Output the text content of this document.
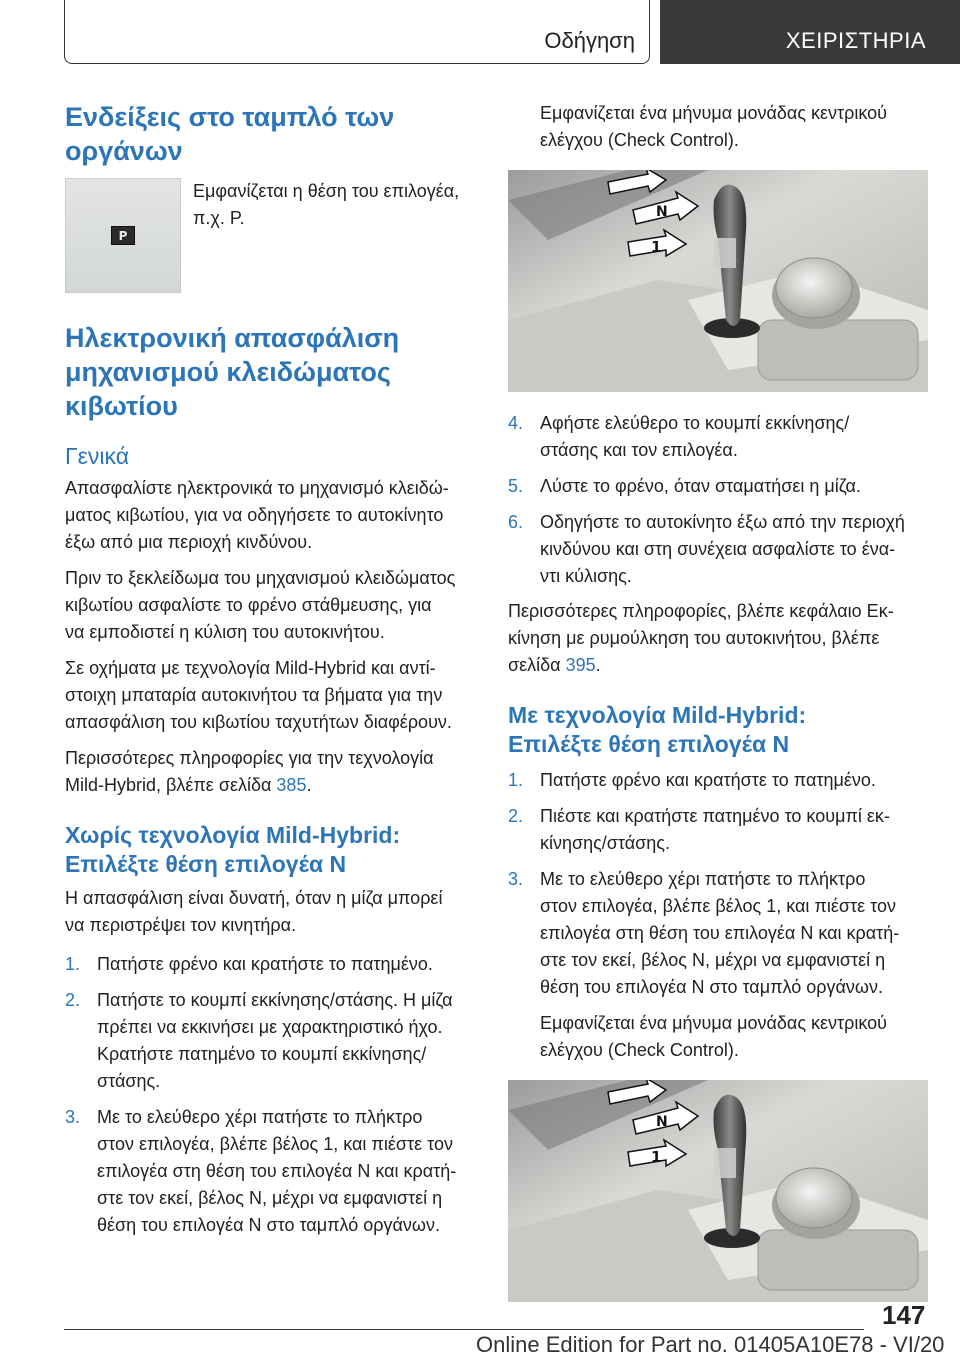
Οδήγηση	ΧΕΙΡΙΣΤΗΡΙΑ
Ενδείξεις στο ταμπλό των
οργάνων
P
Εμφανίζεται η θέση του επιλογέα,
π.χ. P.
Ηλεκτρονική απασφάλιση
μηχανισμού κλειδώματος
κιβωτίου
Γενικά

Απασφαλίστε ηλεκτρονικά το μηχανισμό κλειδώ-
ματος κιβωτίου, για να οδηγήσετε το αυτοκίνητο
έξω από μια περιοχή κινδύνου.

Πριν το ξεκλείδωμα του μηχανισμού κλειδώματος
κιβωτίου ασφαλίστε το φρένο στάθμευσης, για
να εμποδιστεί η κύλιση του αυτοκινήτου.

Σε οχήματα με τεχνολογία Mild-Hybrid και αντί-
στοιχη μπαταρία αυτοκινήτου τα βήματα για την
απασφάλιση του κιβωτίου ταχυτήτων διαφέρουν.

Περισσότερες πληροφορίες για την τεχνολογία
Mild-Hybrid, βλέπε σελίδα 385.

Χωρίς τεχνολογία Mild-Hybrid:
Επιλέξτε θέση επιλογέα N

Η απασφάλιση είναι δυνατή, όταν η μίζα μπορεί
να περιστρέψει τον κινητήρα.

1. Πατήστε φρένο και κρατήστε το πατημένο.
2. Πατήστε το κουμπί εκκίνησης/στάσης. Η μίζα
πρέπει να εκκινήσει με χαρακτηριστικό ήχο.
Κρατήστε πατημένο το κουμπί εκκίνησης/
στάσης.
3. Με το ελεύθερο χέρι πατήστε το πλήκτρο
στον επιλογέα, βλέπε βέλος 1, και πιέστε τον
επιλογέα στη θέση του επιλογέα N και κρατή-
στε τον εκεί, βέλος N, μέχρι να εμφανιστεί η
θέση του επιλογέα N στο ταμπλό οργάνων.

Εμφανίζεται ένα μήνυμα μονάδας κεντρικού
ελέγχου (Check Control).

N
1
4. Αφήστε ελεύθερο το κουμπί εκκίνησης/
στάσης και τον επιλογέα.
5. Λύστε το φρένο, όταν σταματήσει η μίζα.
6. Οδηγήστε το αυτοκίνητο έξω από την περιοχή
κινδύνου και στη συνέχεια ασφαλίστε το ένα-
ντι κύλισης.

Περισσότερες πληροφορίες, βλέπε κεφάλαιο Εκ-
κίνηση με ρυμούλκηση του αυτοκινήτου, βλέπε
σελίδα 395.

Με τεχνολογία Mild-Hybrid:
Επιλέξτε θέση επιλογέα N
1. Πατήστε φρένο και κρατήστε το πατημένο.
2. Πιέστε και κρατήστε πατημένο το κουμπί εκ-
κίνησης/στάσης.
3. Με το ελεύθερο χέρι πατήστε το πλήκτρο
στον επιλογέα, βλέπε βέλος 1, και πιέστε τον
επιλογέα στη θέση του επιλογέα N και κρατή-
στε τον εκεί, βέλος N, μέχρι να εμφανιστεί η
θέση του επιλογέα N στο ταμπλό οργάνων.

Εμφανίζεται ένα μήνυμα μονάδας κεντρικού
ελέγχου (Check Control).

N
1
147
Online Edition for Part no. 01405A10E78 - VI/20
